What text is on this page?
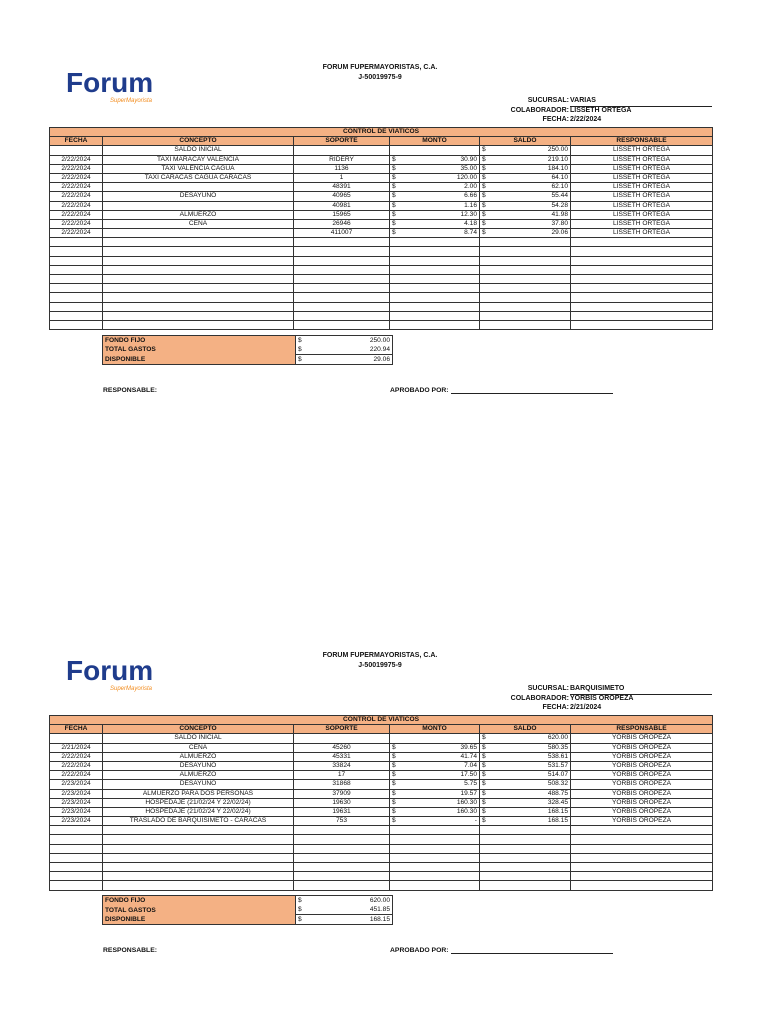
Forum
SuperMayorista
FORUM FUPERMAYORISTAS, C.A.
J-50019975-9
SUCURSAL: VARIAS
COLABORADOR: LISSETH ORTEGA
FECHA: 2/22/2024
CONTROL DE VIATICOS					
FECHA	CONCEPTO	SOPORTE	MONTO	SALDO	RESPONSABLE
	SALDO INICIAL			$ 250.00	LISSETH ORTEGA
2/22/2024	TAXI MARACAY VALENCIA	RIDERY	$ 30.90	$ 219.10	LISSETH ORTEGA
2/22/2024	TAXI VALENCIA CAGUA	1136	$ 35.00	$ 184.10	LISSETH ORTEGA
2/22/2024	TAXI CARACAS CAGUA CARACAS	1	$ 120.00	$ 64.10	LISSETH ORTEGA
2/22/2024		48391	$ 2.00	$ 62.10	LISSETH ORTEGA
2/22/2024	DESAYUNO	40965	$ 6.66	$ 55.44	LISSETH ORTEGA
2/22/2024		40981	$ 1.16	$ 54.28	LISSETH ORTEGA
2/22/2024	ALMUERZO	15965	$ 12.30	$ 41.98	LISSETH ORTEGA
2/22/2024	CENA	26946	$ 4.18	$ 37.80	LISSETH ORTEGA
2/22/2024		411007	$ 8.74	$ 29.06	LISSETH ORTEGA

FONDO FIJO	$ 250.00

TOTAL GASTOS	$ 220.94

DISPONIBLE	$ 29.06
RESPONSABLE:	APROBADO POR:
Forum
SuperMayorista
FORUM FUPERMAYORISTAS, C.A.
J-50019975-9
SUCURSAL: BARQUISIMETO
COLABORADOR: YORBIS OROPEZA
FECHA: 2/21/2024
CONTROL DE VIATICOS					
FECHA	CONCEPTO	SOPORTE	MONTO	SALDO	RESPONSABLE
	SALDO INICIAL			$ 620.00	YORBIS OROPEZA
2/21/2024	CENA	45260	$ 39.65	$ 580.35	YORBIS OROPEZA
2/22/2024	ALMUERZO	45331	$ 41.74	$ 538.61	YORBIS OROPEZA
2/22/2024	DESAYUNO	33824	$ 7.04	$ 531.57	YORBIS OROPEZA
2/22/2024	ALMUERZO	17	$ 17.50	$ 514.07	YORBIS OROPEZA
2/23/2024	DESAYUNO	31868	$ 5.75	$ 508.32	YORBIS OROPEZA
2/23/2024	ALMUERZO PARA DOS PERSONAS	37909	$ 19.57	$ 488.75	YORBIS OROPEZA
2/23/2024	HOSPEDAJE (21/02/24 Y 22/02/24)	19630	$ 160.30	$ 328.45	YORBIS OROPEZA
2/23/2024	HOSPEDAJE (21/02/24 Y 22/02/24)	19631	$ 160.30	$ 168.15	YORBIS OROPEZA
2/23/2024	TRASLADO DE BARQUISIMETO - CARACAS	753	$ -	$ 168.15	YORBIS OROPEZA

FONDO FIJO	$ 620.00

TOTAL GASTOS	$ 451.85

DISPONIBLE	$ 168.15
RESPONSABLE:	APROBADO POR:
